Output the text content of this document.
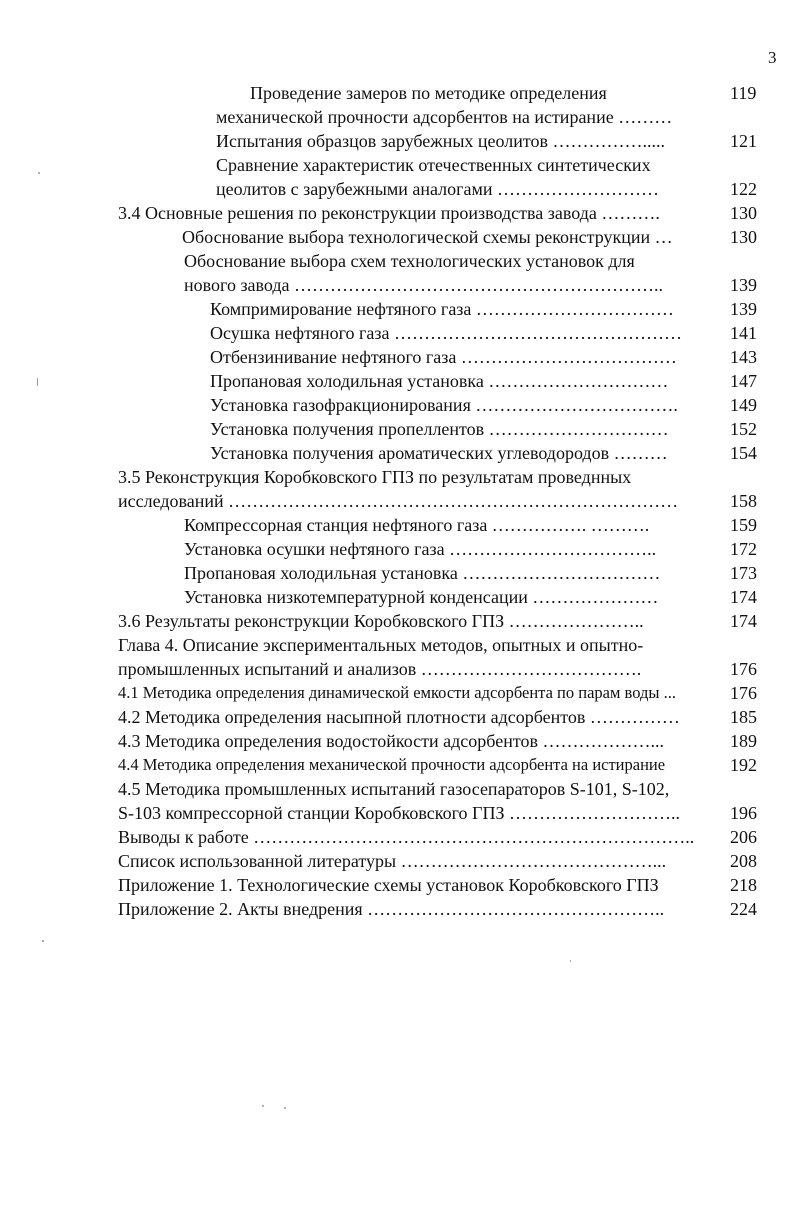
3
Проведение замеров по методике определения	119
механической прочности адсорбентов на истирание ………
Испытания образцов зарубежных цеолитов …………….....	121
Сравнение характеристик отечественных синтетических
цеолитов с зарубежными аналогами ………………………	122
3.4 Основные решения по реконструкции производства завода ……….	130
Обоснование выбора технологической схемы реконструкции …	130
Обоснование выбора схем технологических установок для
нового завода ……………………………………………………..	139
Компримирование нефтяного газа ……………………………	139
Осушка нефтяного газа …………………………………………	141
Отбензинивание нефтяного газа ………………………………	143
Пропановая холодильная установка …………………………	147
Установка газофракционирования …………………………….	149
Установка получения пропеллентов …………………………	152
Установка получения ароматических углеводородов ………	154
3.5 Реконструкция Коробковского ГПЗ по результатам проведнных
исследований …………………………………………………………………	158
Компрессорная станция нефтяного газа ……………. ……….	159
Установка осушки нефтяного газа ……………………………..	172
Пропановая холодильная установка ……………………………	173
Установка низкотемпературной конденсации …………………	174
3.6 Результаты реконструкции Коробковского ГПЗ …………………..	174
Глава 4. Описание экспериментальных методов, опытных и опытно-
промышленных испытаний и анализов ……………………………….	176
4.1 Методика определения динамической емкости адсорбента по парам воды ...	176
4.2 Методика определения насыпной плотности адсорбентов ……………	185
4.3 Методика определения водостойкости адсорбентов ………………...	189
4.4 Методика определения механической прочности адсорбента на истирание	192
4.5 Методика промышленных испытаний газосепараторов S-101, S-102,
S-103 компрессорной станции Коробковского ГПЗ ………………………..	196
Выводы к работе ………………………………………………………………..	206
Список использованной литературы ……………………………………...	208
Приложение 1. Технологические схемы установок Коробковского ГПЗ	218
Приложение 2. Акты внедрения …………………………………………..	224
